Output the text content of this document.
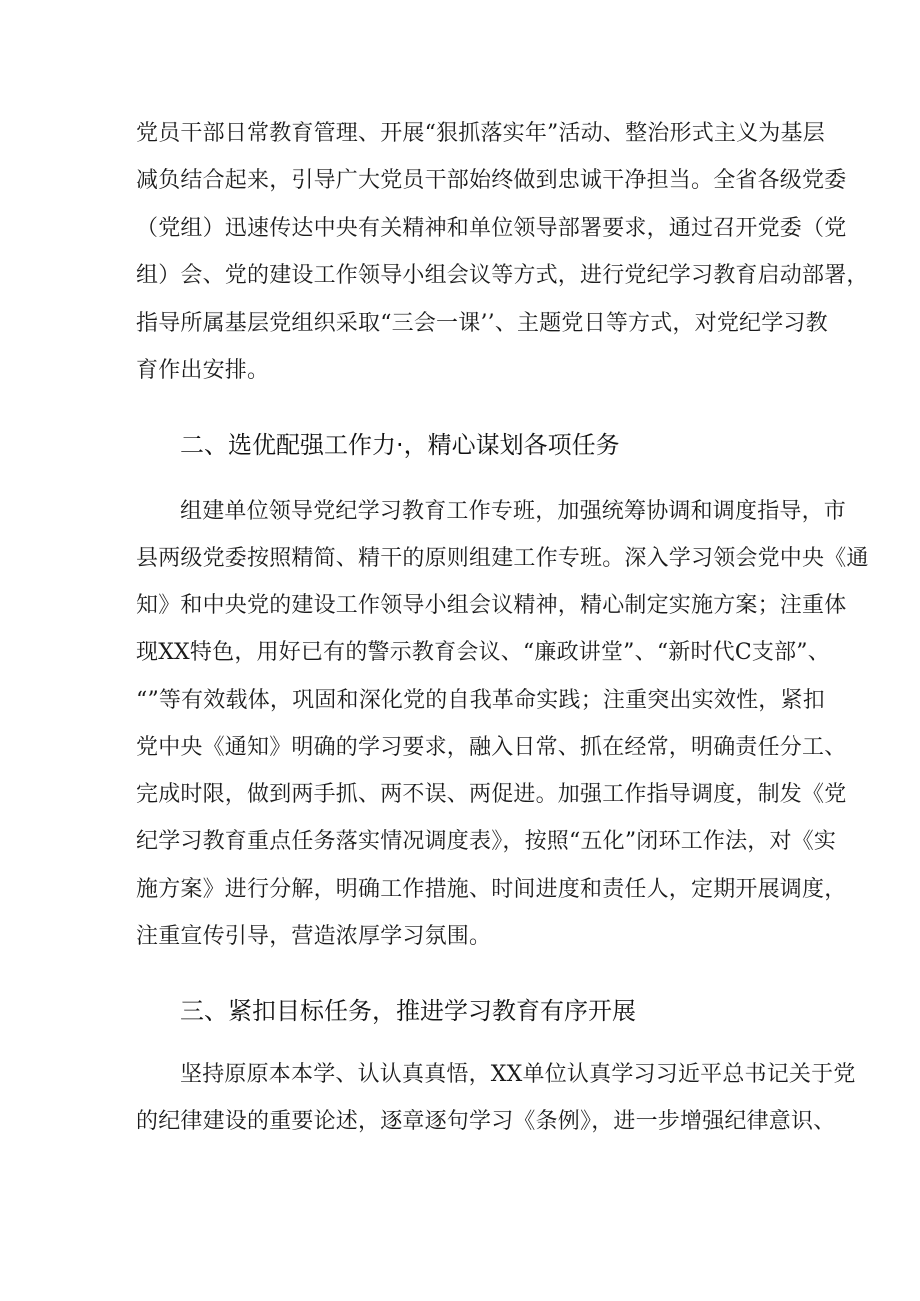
党员干部日常教育管理、开展“狠抓落实年”活动、整治形式主义为基层
减负结合起来，引导广大党员干部始终做到忠诚干净担当。全省各级党委
（党组）迅速传达中央有关精神和单位领导部署要求，通过召开党委（党
组）会、党的建设工作领导小组会议等方式，进行党纪学习教育启动部署，
指导所属基层党组织采取“三会一课’’、主题党日等方式，对党纪学习教
育作出安排。
二、选优配强工作力·，精心谋划各项任务
组建单位领导党纪学习教育工作专班，加强统筹协调和调度指导，市
县两级党委按照精简、精干的原则组建工作专班。深入学习领会党中央《通
知》和中央党的建设工作领导小组会议精神，精心制定实施方案；注重体
现XX特色，用好已有的警示教育会议、“廉政讲堂”、“新时代C支部”、
“”等有效载体，巩固和深化党的自我革命实践；注重突出实效性，紧扣
党中央《通知》明确的学习要求，融入日常、抓在经常，明确责任分工、
完成时限，做到两手抓、两不误、两促进。加强工作指导调度，制发《党
纪学习教育重点任务落实情况调度表》，按照“五化”闭环工作法，对《实
施方案》进行分解，明确工作措施、时间进度和责任人，定期开展调度，
注重宣传引导，营造浓厚学习氛围。
三、紧扣目标任务，推进学习教育有序开展
坚持原原本本学、认认真真悟，XX单位认真学习习近平总书记关于党
的纪律建设的重要论述，逐章逐句学习《条例》，进一步增强纪律意识、
